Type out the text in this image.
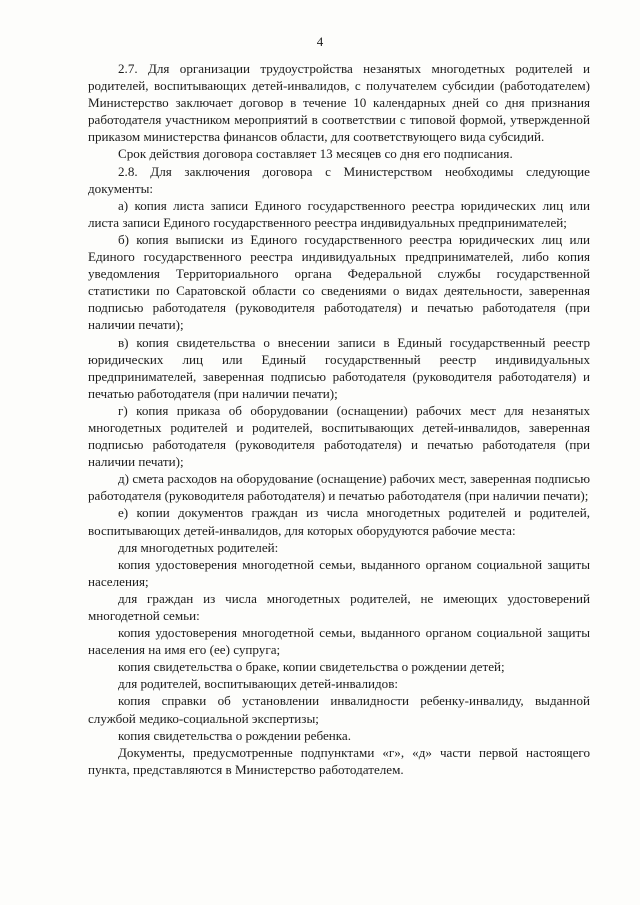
4

2.7. Для организации трудоустройства незанятых многодетных родителей и родителей, воспитывающих детей-инвалидов, с получателем субсидии (работодателем) Министерство заключает договор в течение 10 календарных дней со дня признания работодателя участником мероприятий в соответствии с типовой формой, утвержденной приказом министерства финансов области, для соответствующего вида субсидий.

Срок действия договора составляет 13 месяцев со дня его подписания.

2.8. Для заключения договора с Министерством необходимы следующие документы:

а) копия листа записи Единого государственного реестра юридических лиц или листа записи Единого государственного реестра индивидуальных предпринимателей;

б) копия выписки из Единого государственного реестра юридических лиц или Единого государственного реестра индивидуальных предпринимателей, либо копия уведомления Территориального органа Федеральной службы государственной статистики по Саратовской области со сведениями о видах деятельности, заверенная подписью работодателя (руководителя работодателя) и печатью работодателя (при наличии печати);

в) копия свидетельства о внесении записи в Единый государственный реестр юридических лиц или Единый государственный реестр индивидуальных предпринимателей, заверенная подписью работодателя (руководителя работодателя) и печатью работодателя (при наличии печати);

г) копия приказа об оборудовании (оснащении) рабочих мест для незанятых многодетных родителей и родителей, воспитывающих детей-инвалидов, заверенная подписью работодателя (руководителя работодателя) и печатью работодателя (при наличии печати);

д) смета расходов на оборудование (оснащение) рабочих мест, заверенная подписью работодателя (руководителя работодателя) и печатью работодателя (при наличии печати);

е) копии документов граждан из числа многодетных родителей и родителей, воспитывающих детей-инвалидов, для которых оборудуются рабочие места:

для многодетных родителей:

копия удостоверения многодетной семьи, выданного органом социальной защиты населения;

для граждан из числа многодетных родителей, не имеющих удостоверений многодетной семьи:

копия удостоверения многодетной семьи, выданного органом социальной защиты населения на имя его (ее) супруга;

копия свидетельства о браке, копии свидетельства о рождении детей;

для родителей, воспитывающих детей-инвалидов:

копия справки об установлении инвалидности ребенку-инвалиду, выданной службой медико-социальной экспертизы;

копия свидетельства о рождении ребенка.

Документы, предусмотренные подпунктами «г», «д» части первой настоящего пункта, представляются в Министерство работодателем.
